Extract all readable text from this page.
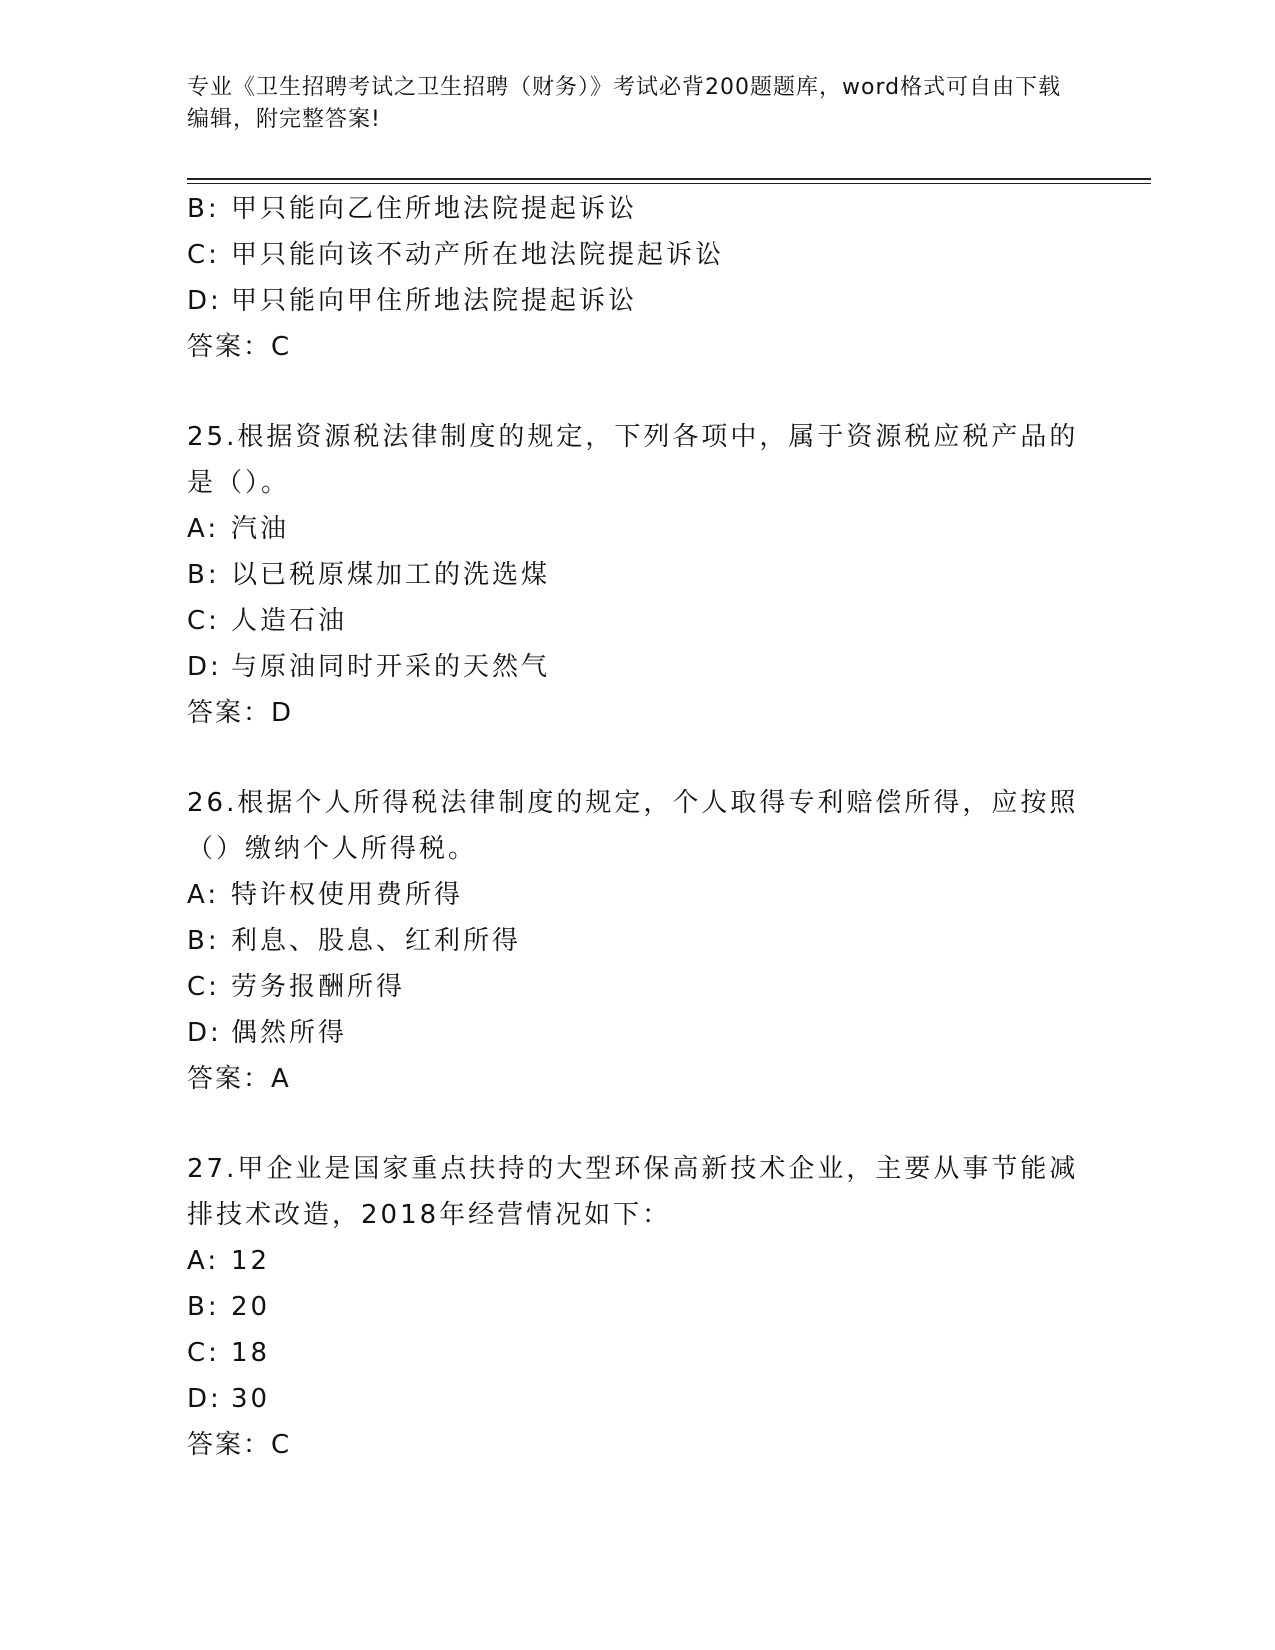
专业《卫生招聘考试之卫生招聘（财务）》考试必背200题题库，word格式可自由下载编辑，附完整答案!
B: 甲只能向乙住所地法院提起诉讼
C: 甲只能向该不动产所在地法院提起诉讼
D: 甲只能向甲住所地法院提起诉讼
答案：C
25.根据资源税法律制度的规定，下列各项中，属于资源税应税产品的
是（）。
A: 汽油
B: 以已税原煤加工的洗选煤
C: 人造石油
D: 与原油同时开采的天然气
答案：D
26.根据个人所得税法律制度的规定，个人取得专利赔偿所得，应按照
（）缴纳个人所得税。
A: 特许权使用费所得
B: 利息、股息、红利所得
C: 劳务报酬所得
D: 偶然所得
答案：A
27.甲企业是国家重点扶持的大型环保高新技术企业，主要从事节能减
排技术改造，2018年经营情况如下：
A: 12
B: 20
C: 18
D: 30
答案：C
